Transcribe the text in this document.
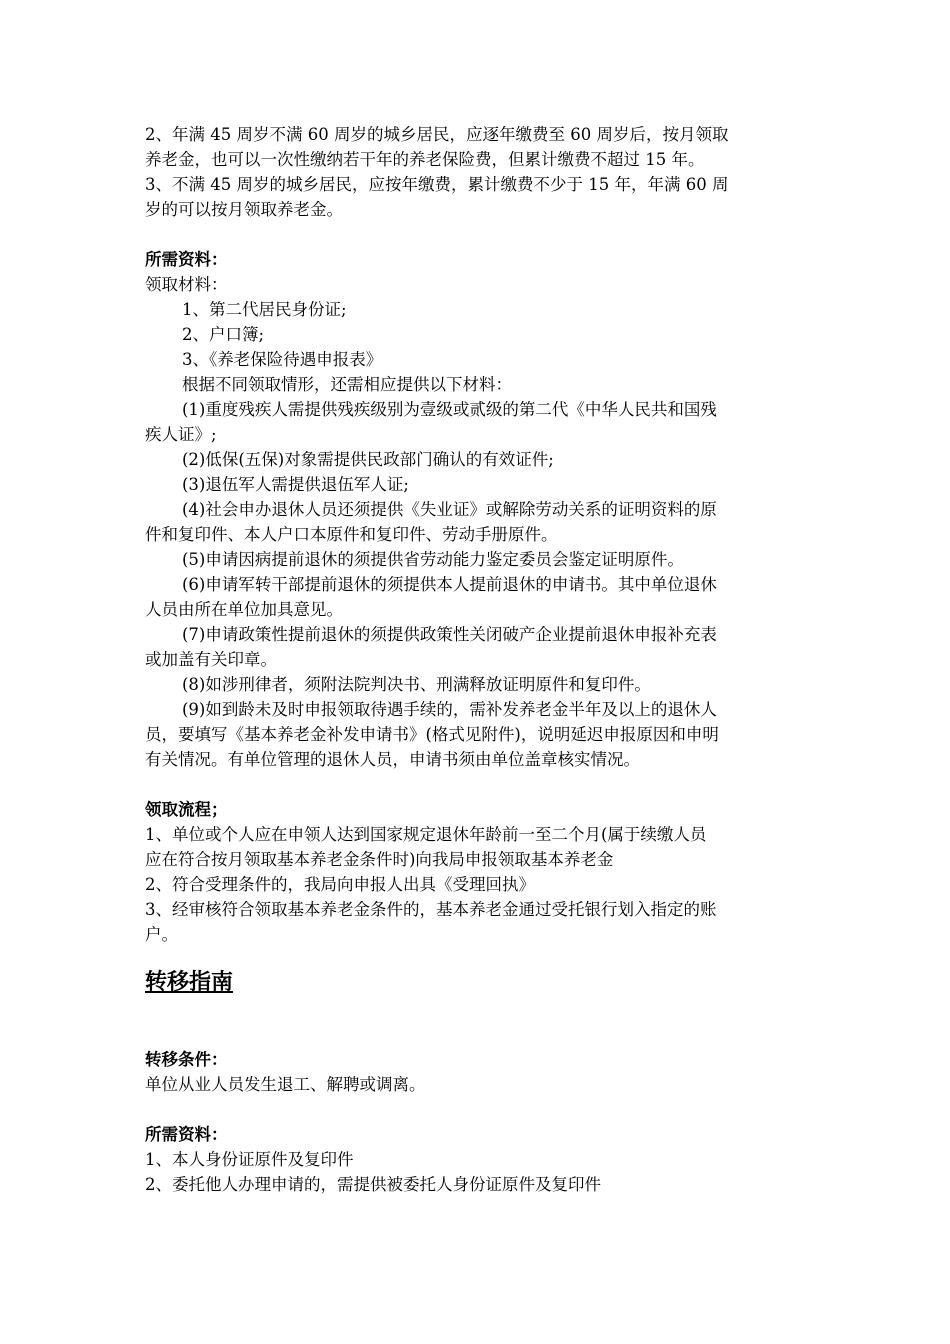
2、年满 45 周岁不满 60 周岁的城乡居民，应逐年缴费至 60 周岁后，按月领取
养老金，也可以一次性缴纳若干年的养老保险费，但累计缴费不超过 15 年。
3、不满 45 周岁的城乡居民，应按年缴费，累计缴费不少于 15 年，年满 60 周
岁的可以按月领取养老金。
所需资料：
领取材料：
1、第二代居民身份证;
2、户口簿;
3、《养老保险待遇申报表》
根据不同领取情形，还需相应提供以下材料：
(1)重度残疾人需提供残疾级别为壹级或贰级的第二代《中华人民共和国残
疾人证》;
(2)低保(五保)对象需提供民政部门确认的有效证件;
(3)退伍军人需提供退伍军人证;
(4)社会申办退休人员还须提供《失业证》或解除劳动关系的证明资料的原
件和复印件、本人户口本原件和复印件、劳动手册原件。
(5)申请因病提前退休的须提供省劳动能力鉴定委员会鉴定证明原件。
(6)申请军转干部提前退休的须提供本人提前退休的申请书。其中单位退休
人员由所在单位加具意见。
(7)申请政策性提前退休的须提供政策性关闭破产企业提前退休申报补充表
或加盖有关印章。
(8)如涉刑律者，须附法院判决书、刑满释放证明原件和复印件。
(9)如到龄未及时申报领取待遇手续的，需补发养老金半年及以上的退休人
员，要填写《基本养老金补发申请书》(格式见附件)，说明延迟申报原因和申明
有关情况。有单位管理的退休人员，申请书须由单位盖章核实情况。
领取流程；
1、单位或个人应在申领人达到国家规定退休年龄前一至二个月(属于续缴人员
应在符合按月领取基本养老金条件时)向我局申报领取基本养老金
2、符合受理条件的，我局向申报人出具《受理回执》
3、经审核符合领取基本养老金条件的，基本养老金通过受托银行划入指定的账
户。
转移指南
转移条件：
单位从业人员发生退工、解聘或调离。
所需资料：
1、本人身份证原件及复印件
2、委托他人办理申请的，需提供被委托人身份证原件及复印件
